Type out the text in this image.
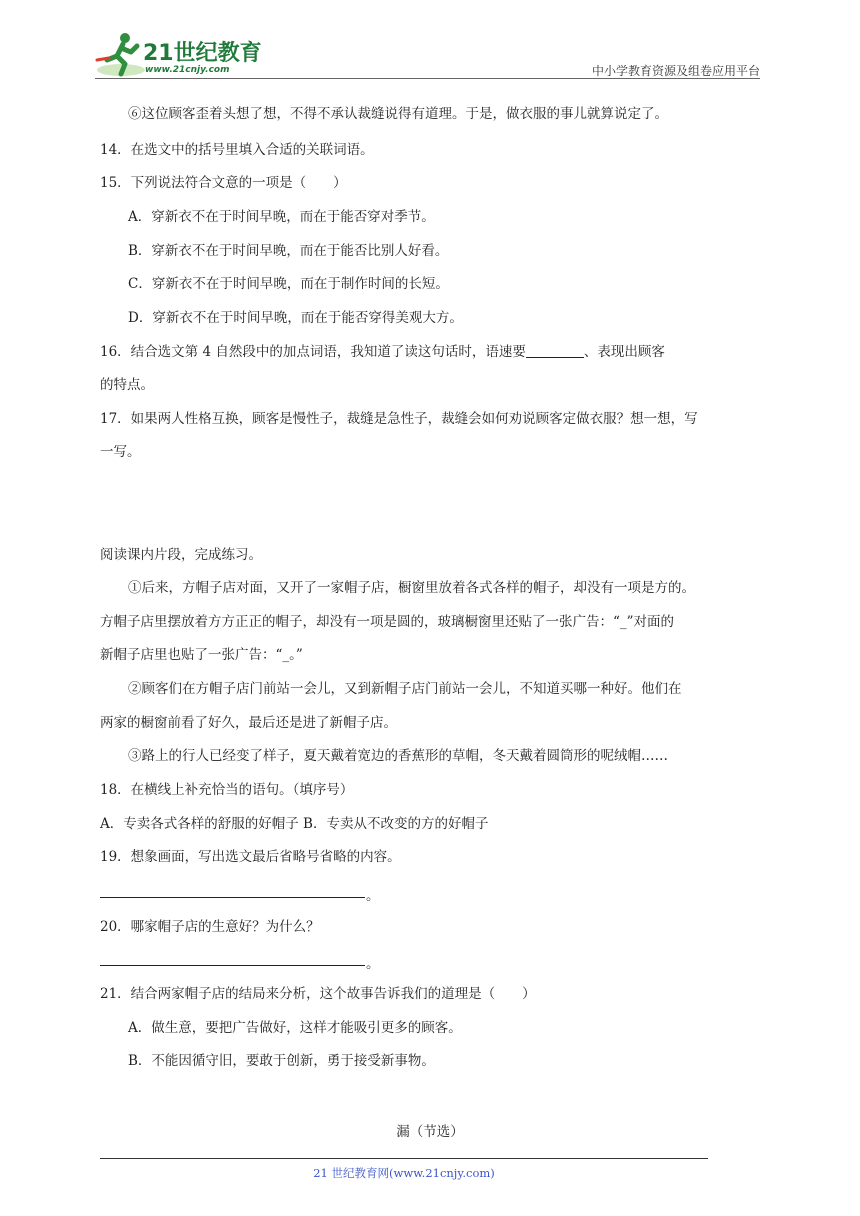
21世纪教育
www.21cnjy.com	中小学教育资源及组卷应用平台
⑥这位顾客歪着头想了想，不得不承认裁缝说得有道理。于是，做衣服的事儿就算说定了。
14．在选文中的括号里填入合适的关联词语。
15．下列说法符合文意的一项是（　　）
A．穿新衣不在于时间早晚，而在于能否穿对季节。
B．穿新衣不在于时间早晚，而在于能否比别人好看。
C．穿新衣不在于时间早晚，而在于制作时间的长短。
D．穿新衣不在于时间早晚，而在于能否穿得美观大方。
16．结合选文第 4 自然段中的加点词语，我知道了读这句话时，语速要	、表现出顾客
的特点。
17．如果两人性格互换，顾客是慢性子，裁缝是急性子，裁缝会如何劝说顾客定做衣服？想一想，写
一写。
阅读课内片段，完成练习。
①后来，方帽子店对面，又开了一家帽子店，橱窗里放着各式各样的帽子，却没有一项是方的。
方帽子店里摆放着方方正正的帽子，却没有一项是圆的，玻璃橱窗里还贴了一张广告：“_”对面的
新帽子店里也贴了一张广告：“_。”
②顾客们在方帽子店门前站一会儿，又到新帽子店门前站一会儿，不知道买哪一种好。他们在
两家的橱窗前看了好久，最后还是进了新帽子店。
③路上的行人已经变了样子，夏天戴着宽边的香蕉形的草帽，冬天戴着圆筒形的呢绒帽……
18．在横线上补充恰当的语句。（填序号）
A．专卖各式各样的舒服的好帽子 B．专卖从不改变的方的好帽子
19．想象画面，写出选文最后省略号省略的内容。
。
20．哪家帽子店的生意好？为什么？
。
21．结合两家帽子店的结局来分析，这个故事告诉我们的道理是（　　）
A．做生意，要把广告做好，这样才能吸引更多的顾客。
B．不能因循守旧，要敢于创新，勇于接受新事物。
漏（节选）
21 世纪教育网(www.21cnjy.com)
